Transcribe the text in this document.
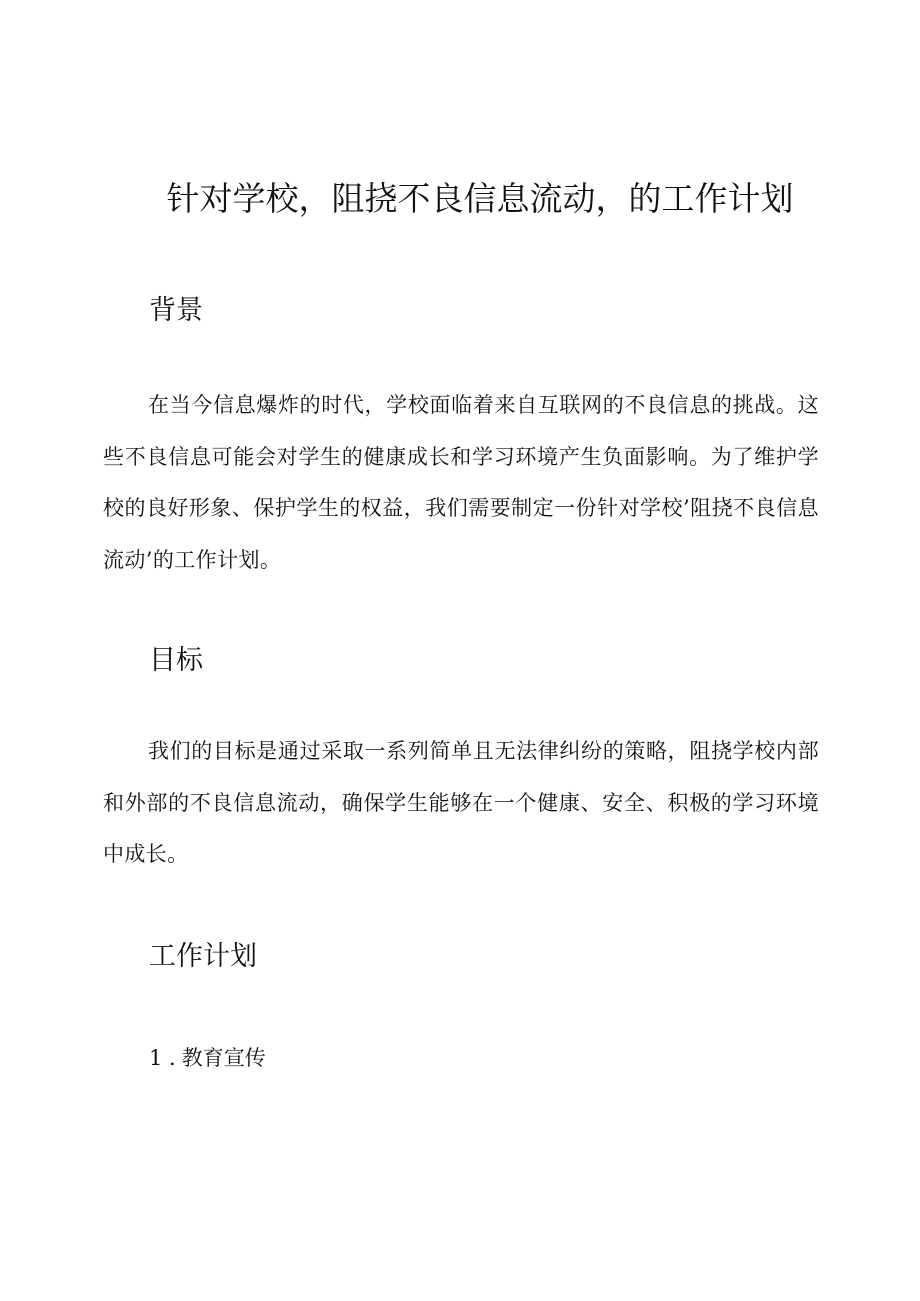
针对学校，阻挠不良信息流动，的工作计划
背景

在当今信息爆炸的时代，学校面临着来自互联网的不良信息的挑战。这些不良信息可能会对学生的健康成长和学习环境产生负面影响。为了维护学校的良好形象、保护学生的权益，我们需要制定一份针对学校’阻挠不良信息流动’的工作计划。

目标

我们的目标是通过采取一系列简单且无法律纠纷的策略，阻挠学校内部和外部的不良信息流动，确保学生能够在一个健康、安全、积极的学习环境中成长。

工作计划

1 . 教育宣传
